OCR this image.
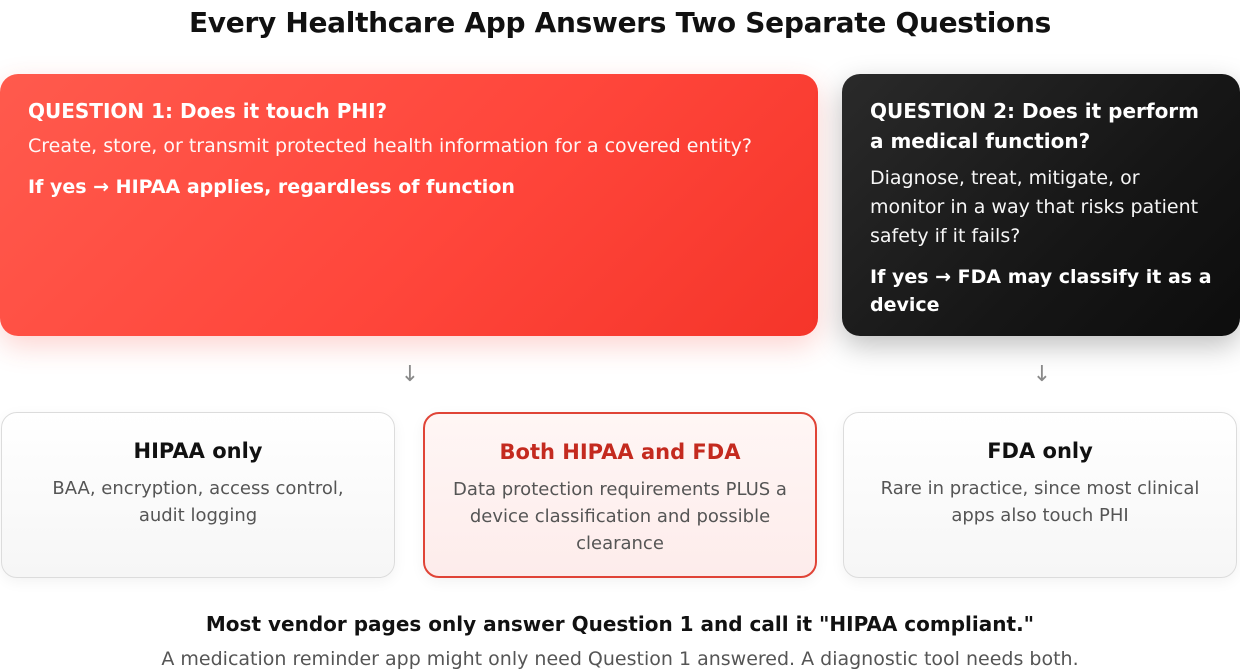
Every Healthcare App Answers Two Separate Questions
QUESTION 1: Does it touch PHI?
Create, store, or transmit protected health information for a covered entity?
If yes → HIPAA applies, regardless of function
QUESTION 2: Does it perform a medical function?
Diagnose, treat, mitigate, or monitor in a way that risks patient safety if it fails?
If yes → FDA may classify it as a device
↓	↓
HIPAA only
BAA, encryption, access control, audit logging
Both HIPAA and FDA
Data protection requirements PLUS a device classification and possible clearance
FDA only
Rare in practice, since most clinical apps also touch PHI
Most vendor pages only answer Question 1 and call it "HIPAA compliant."
A medication reminder app might only need Question 1 answered. A diagnostic tool needs both.
